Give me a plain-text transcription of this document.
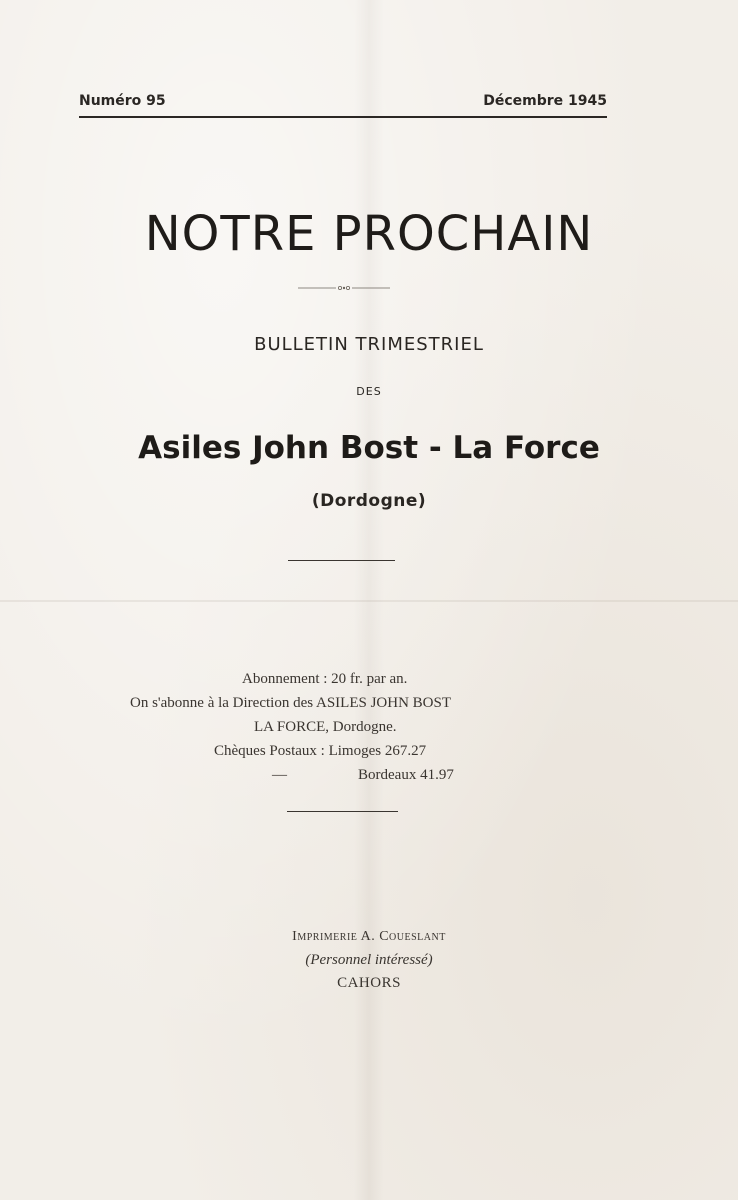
Numéro 95	Décembre 1945
NOTRE PROCHAIN
BULLETIN TRIMESTRIEL
DES
Asiles John Bost - La Force
(Dordogne)
Abonnement : 20 fr. par an.
On s'abonne à la Direction des ASILES JOHN BOST
LA FORCE, Dordogne.
Chèques Postaux : Limoges 267.27
—	Bordeaux 41.97
Imprimerie A. Coueslant
(Personnel intéressé)
CAHORS
